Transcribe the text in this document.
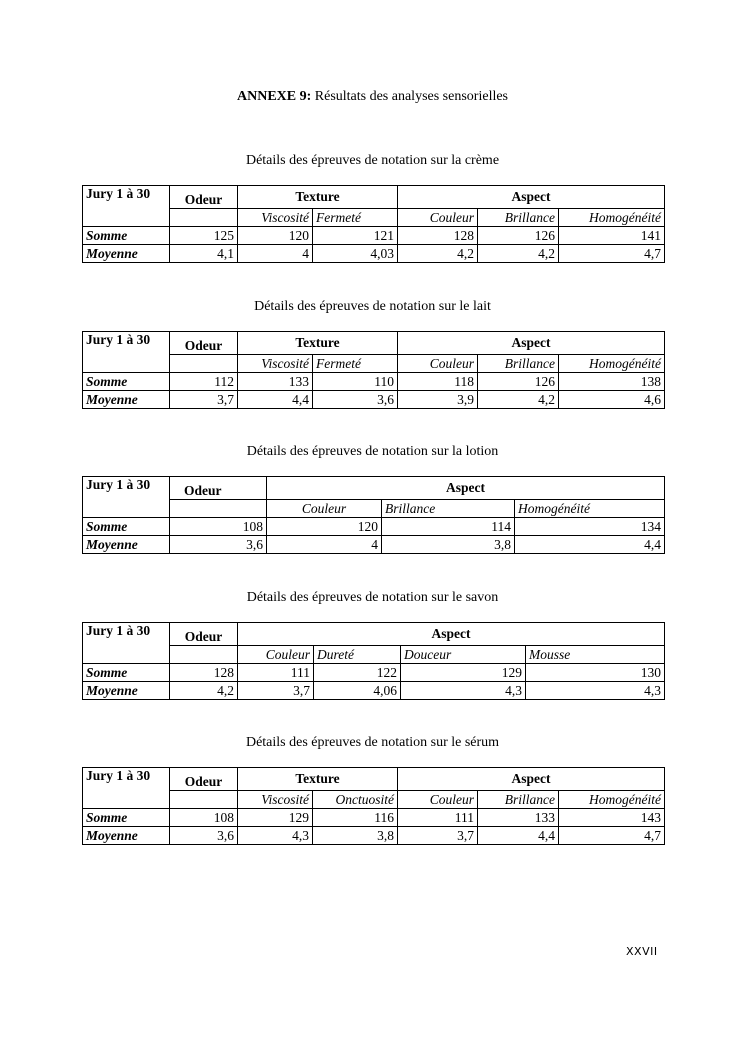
ANNEXE 9: Résultats des analyses sensorielles
Détails des épreuves de notation sur la crème
Jury 1 à 30	Odeur	Texture		Aspect		
		Viscosité	Fermeté	Couleur	Brillance	Homogénéité
Somme	125	120	121	128	126	141
Moyenne	4,1	4	4,03	4,2	4,2	4,7
Détails des épreuves de notation sur le lait
Jury 1 à 30	Odeur	Texture		Aspect		
		Viscosité	Fermeté	Couleur	Brillance	Homogénéité
Somme	112	133	110	118	126	138
Moyenne	3,7	4,4	3,6	3,9	4,2	4,6
Détails des épreuves de notation sur la lotion
Jury 1 à 30	Odeur	Aspect		
		Couleur	Brillance	Homogénéité
Somme	108	120	114	134
Moyenne	3,6	4	3,8	4,4
Détails des épreuves de notation sur le savon
Jury 1 à 30	Odeur	Aspect			
		Couleur	Dureté	Douceur	Mousse
Somme	128	111	122	129	130
Moyenne	4,2	3,7	4,06	4,3	4,3
Détails des épreuves de notation sur le sérum
Jury 1 à 30	Odeur	Texture		Aspect		
		Viscosité	Onctuosité	Couleur	Brillance	Homogénéité
Somme	108	129	116	111	133	143
Moyenne	3,6	4,3	3,8	3,7	4,4	4,7
XXVII
